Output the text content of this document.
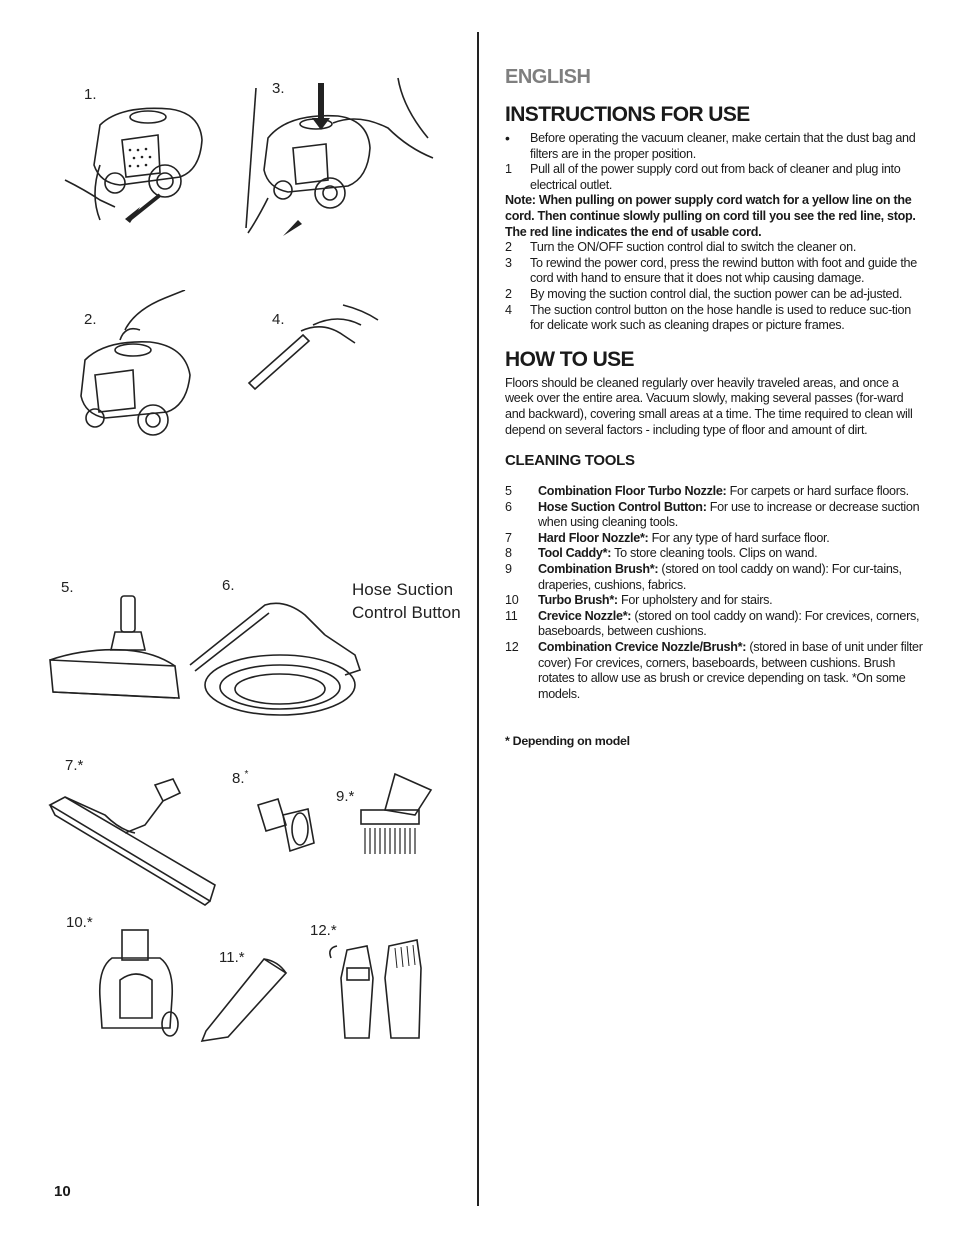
1.	3.
2.	4.
5.	6.
7.*
8.*
9.*
10.*
11.*
12.*
Hose Suction
Control Button
10
ENGLISH
INSTRUCTIONS FOR USE
•	Before operating the vacuum cleaner, make certain that the dust bag and filters are in the proper position.
1	Pull all of the power supply cord out from back of cleaner and plug into electrical outlet.
Note: When pulling on power supply cord watch for a yellow line on the cord. Then continue slowly pulling on cord till you see the red line, stop. The red line indicates the end of usable cord.
2	Turn the ON/OFF suction control dial to switch the cleaner on.
3	To rewind the power cord, press the rewind button with foot and guide the cord with hand to ensure that it does not whip causing damage.
2	By moving the suction control dial, the suction power can be ad-justed.
4	The suction control button on the hose handle is used to reduce suc-tion for delicate work such as cleaning drapes or picture frames.
HOW TO USE
Floors should be cleaned regularly over heavily traveled areas, and once a week over the entire area. Vacuum slowly, making several passes (for-ward and backward), covering small areas at a time. The time required to clean will depend on several factors - including type of floor and amount of dirt.
CLEANING TOOLS
5	Combination Floor Turbo Nozzle: For carpets or hard surface floors.
6	Hose Suction Control Button: For use to increase or decrease suction when using cleaning tools.
7	Hard Floor Nozzle*: For any type of hard surface floor.
8	Tool Caddy*: To store cleaning tools. Clips on wand.
9	Combination Brush*: (stored on tool caddy on wand): For cur-tains, draperies, cushions, fabrics.
10	Turbo Brush*: For upholstery and for stairs.
11	Crevice Nozzle*: (stored on tool caddy on wand): For crevices, corners, baseboards, between cushions.
12	Combination Crevice Nozzle/Brush*: (stored in base of unit under filter cover) For crevices, corners, baseboards, between cushions. Brush rotates to allow use as brush or crevice depending on task. *On some models.
* Depending on model
